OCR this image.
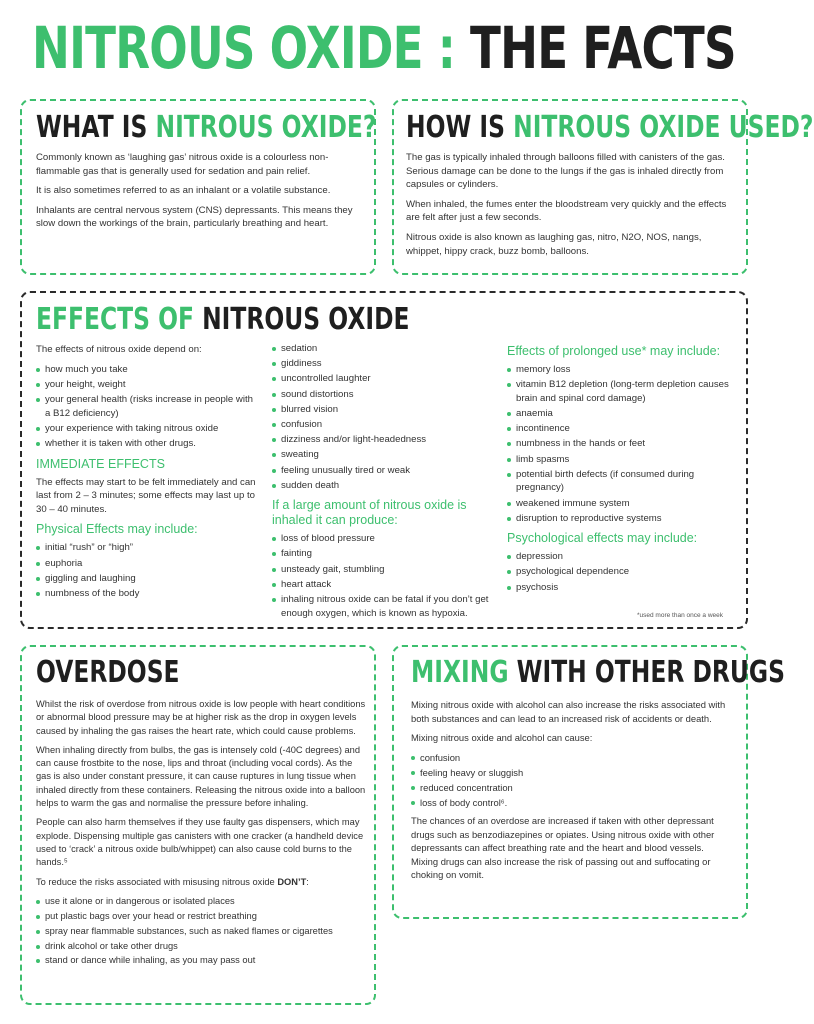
NITROUS OXIDE : THE FACTS
WHAT IS NITROUS OXIDE?

Commonly known as ‘laughing gas’ nitrous oxide is a colourless non-flammable gas that is generally used for sedation and pain relief.

It is also sometimes referred to as an inhalant or a volatile substance.

Inhalants are central nervous system (CNS) depressants. This means they slow down the workings of the brain, particularly breathing and heart.

HOW IS NITROUS OXIDE USED?

The gas is typically inhaled through balloons filled with canisters of the gas. Serious damage can be done to the lungs if the gas is inhaled directly from capsules or cylinders.

When inhaled, the fumes enter the bloodstream very quickly and the effects are felt after just a few seconds.

Nitrous oxide is also known as laughing gas, nitro, N2O, NOS, nangs, whippet, hippy crack, buzz bomb, balloons.

EFFECTS OF NITROUS OXIDE

The effects of nitrous oxide depend on:

how much you take
your height, weight
your general health (risks increase in people with a B12 deficiency)
your experience with taking nitrous oxide
whether it is taken with other drugs.
IMMEDIATE EFFECTS

The effects may start to be felt immediately and can last from 2 – 3 minutes; some effects may last up to 30 – 40 minutes.

Physical Effects may include:
initial “rush” or “high”
euphoria
giggling and laughing
numbness of the body
sedation
giddiness
uncontrolled laughter
sound distortions
blurred vision
confusion
dizziness and/or light-headedness
sweating
feeling unusually tired or weak
sudden death
If a large amount of nitrous oxide is inhaled it can produce:
loss of blood pressure
fainting
unsteady gait, stumbling
heart attack
inhaling nitrous oxide can be fatal if you don’t get enough oxygen, which is known as hypoxia.
Effects of prolonged use* may include:
memory loss
vitamin B12 depletion (long-term depletion causes brain and spinal cord damage)
anaemia
incontinence
numbness in the hands or feet
limb spasms
potential birth defects (if consumed during pregnancy)
weakened immune system
disruption to reproductive systems
Psychological effects may include:
depression
psychological dependence
psychosis
*used more than once a week
OVERDOSE

Whilst the risk of overdose from nitrous oxide is low people with heart conditions or abnormal blood pressure may be at higher risk as the drop in oxygen levels caused by inhaling the gas raises the heart rate, which could cause problems.

When inhaling directly from bulbs, the gas is intensely cold (-40C degrees) and can cause frostbite to the nose, lips and throat (including vocal cords). As the gas is also under constant pressure, it can cause ruptures in lung tissue when inhaled directly from these containers. Releasing the nitrous oxide into a balloon helps to warm the gas and normalise the pressure before inhaling.

People can also harm themselves if they use faulty gas dispensers, which may explode. Dispensing multiple gas canisters with one cracker (a handheld device used to ‘crack’ a nitrous oxide bulb/whippet) can also cause cold burns to the hands.⁵

To reduce the risks associated with misusing nitrous oxide DON’T:

use it alone or in dangerous or isolated places
put plastic bags over your head or restrict breathing
spray near flammable substances, such as naked flames or cigarettes
drink alcohol or take other drugs
stand or dance while inhaling, as you may pass out
MIXING WITH OTHER DRUGS

Mixing nitrous oxide with alcohol can also increase the risks associated with both substances and can lead to an increased risk of accidents or death.

Mixing nitrous oxide and alcohol can cause:

confusion
feeling heavy or sluggish
reduced concentration
loss of body control⁶.

The chances of an overdose are increased if taken with other depressant drugs such as benzodiazepines or opiates. Using nitrous oxide with other depressants can affect breathing rate and the heart and blood vessels. Mixing drugs can also increase the risk of passing out and suffocating or choking on vomit.
